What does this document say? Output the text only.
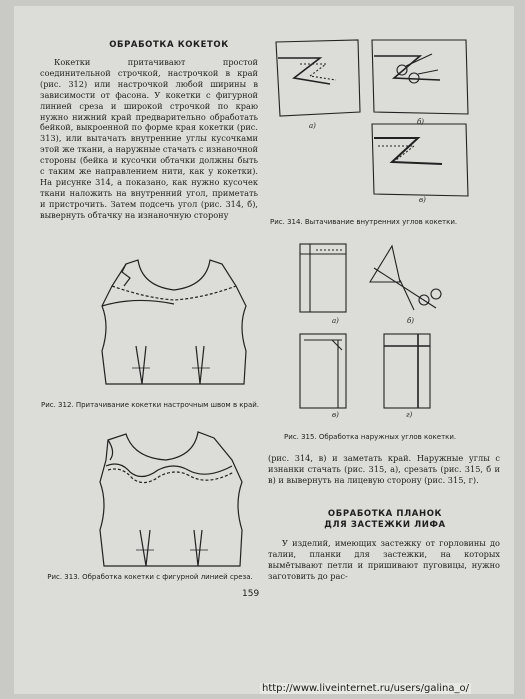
ОБРАБОТКА КОКЕТОК

Кокетки притачивают простой соединительной строчкой, настрочкой в край (рис. 312) или настрочкой любой ширины в зависимости от фасона. У кокетки с фигурной линией среза и широкой строчкой по краю нужно нижний край предварительно обработать бейкой, выкроенной по форме края кокетки (рис. 313), или вытачать внутренние углы кусочками этой же ткани, а наружные стачать с изнаночной стороны (бейка и кусочки обтачки должны быть с таким же направлением нити, как у кокетки). На рисунке 314, а показано, как нужно кусочек ткани наложить на внутренний угол, приметать и пристрочить. Затем подсечь угол (рис. 314, б), вывернуть обтачку на изнаночную сторону

Рис. 312. Притачивание кокетки настрочным швом в край.
Рис. 313. Обработка кокетки с фигурной линией среза.
а)	б)
в)
Рис. 314. Вытачивание внутренних углов кокетки.
а)	б)
в)	г)
Рис. 315. Обработка наружных углов кокетки.

(рис. 314, в) и заметать край. Наружные углы с изнанки стачать (рис. 315, а), срезать (рис. 315, б и в) и вывернуть на лицевую сторону (рис. 315, г).

ОБРАБОТКА ПЛАНОК
ДЛЯ ЗАСТЕЖКИ ЛИФА

У изделий, имеющих застежку от горловины до талии, планки для застежки, на которых вымётывают петли и пришивают пуговицы, нужно заготовить до рас-

159
http://www.liveinternet.ru/users/galina_o/
